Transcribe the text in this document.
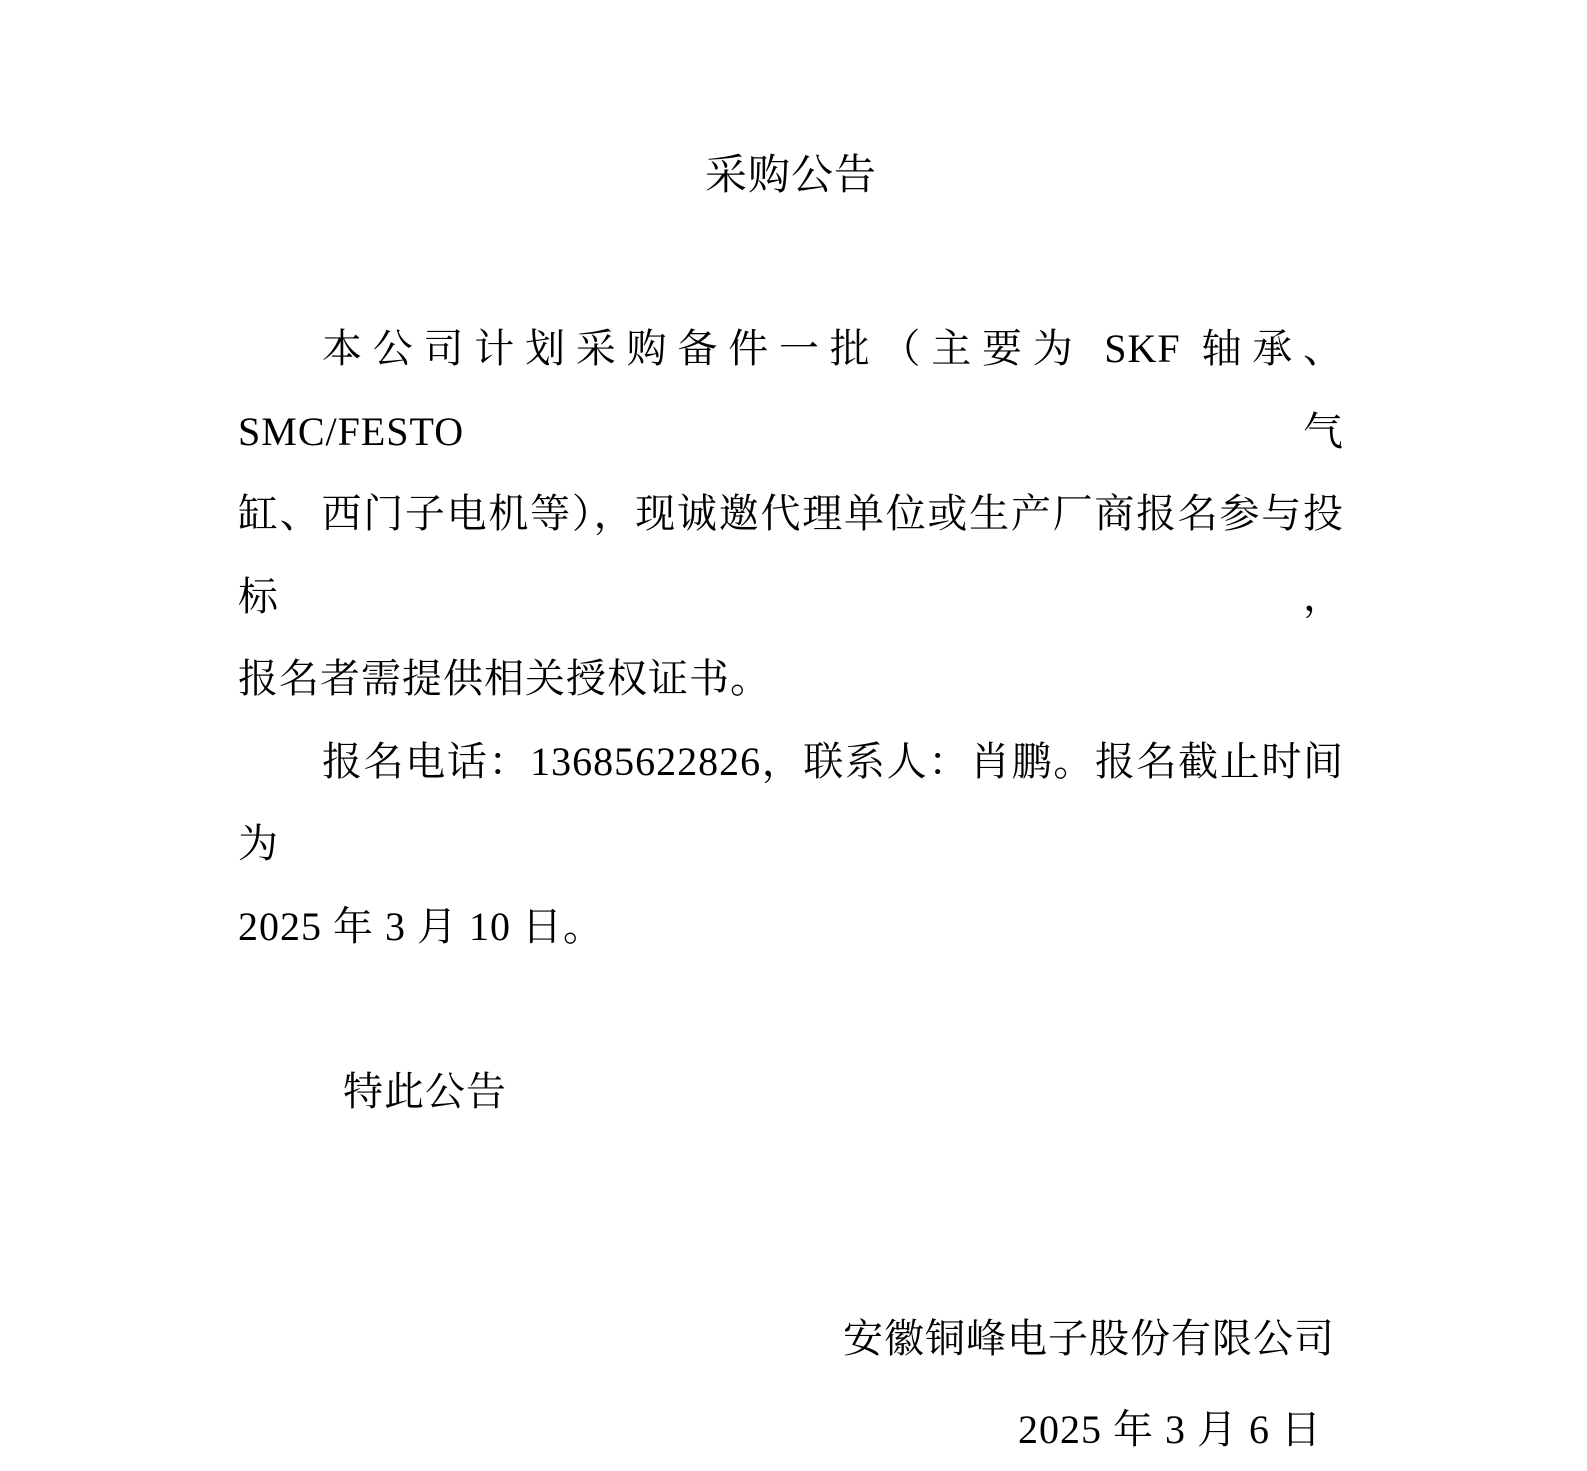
采购公告

本公司计划采购备件一批（主要为 SKF 轴承、SMC/FESTO 气

缸、西门子电机等），现诚邀代理单位或生产厂商报名参与投标，

报名者需提供相关授权证书。

报名电话：13685622826，联系人：肖鹏。报名截止时间为

2025 年 3 月 10 日。

特此公告

安徽铜峰电子股份有限公司

2025 年 3 月 6 日
